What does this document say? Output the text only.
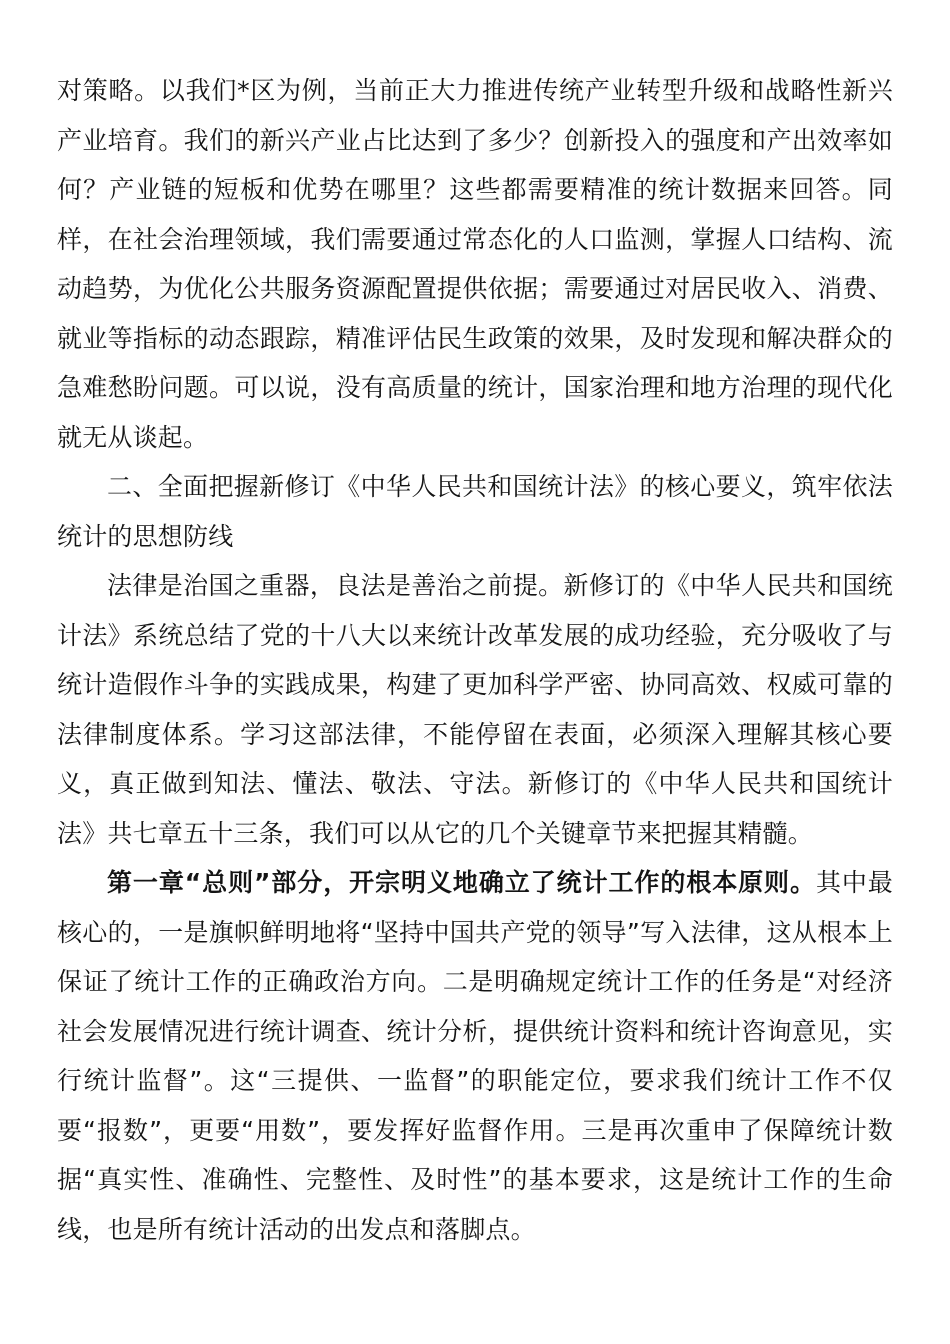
对策略。以我们*区为例，当前正大力推进传统产业转型升级和战略性新兴产业培育。我们的新兴产业占比达到了多少？创新投入的强度和产出效率如何？产业链的短板和优势在哪里？这些都需要精准的统计数据来回答。同样，在社会治理领域，我们需要通过常态化的人口监测，掌握人口结构、流动趋势，为优化公共服务资源配置提供依据；需要通过对居民收入、消费、就业等指标的动态跟踪，精准评估民生政策的效果，及时发现和解决群众的急难愁盼问题。可以说，没有高质量的统计，国家治理和地方治理的现代化就无从谈起。

二、全面把握新修订《中华人民共和国统计法》的核心要义，筑牢依法统计的思想防线

法律是治国之重器，良法是善治之前提。新修订的《中华人民共和国统计法》系统总结了党的十八大以来统计改革发展的成功经验，充分吸收了与统计造假作斗争的实践成果，构建了更加科学严密、协同高效、权威可靠的法律制度体系。学习这部法律，不能停留在表面，必须深入理解其核心要义，真正做到知法、懂法、敬法、守法。新修订的《中华人民共和国统计法》共七章五十三条，我们可以从它的几个关键章节来把握其精髓。

第一章“总则”部分，开宗明义地确立了统计工作的根本原则。其中最核心的，一是旗帜鲜明地将“坚持中国共产党的领导”写入法律，这从根本上保证了统计工作的正确政治方向。二是明确规定统计工作的任务是“对经济社会发展情况进行统计调查、统计分析，提供统计资料和统计咨询意见，实行统计监督”。这“三提供、一监督”的职能定位，要求我们统计工作不仅要“报数”，更要“用数”，要发挥好监督作用。三是再次重申了保障统计数据“真实性、准确性、完整性、及时性”的基本要求，这是统计工作的生命线，也是所有统计活动的出发点和落脚点。
